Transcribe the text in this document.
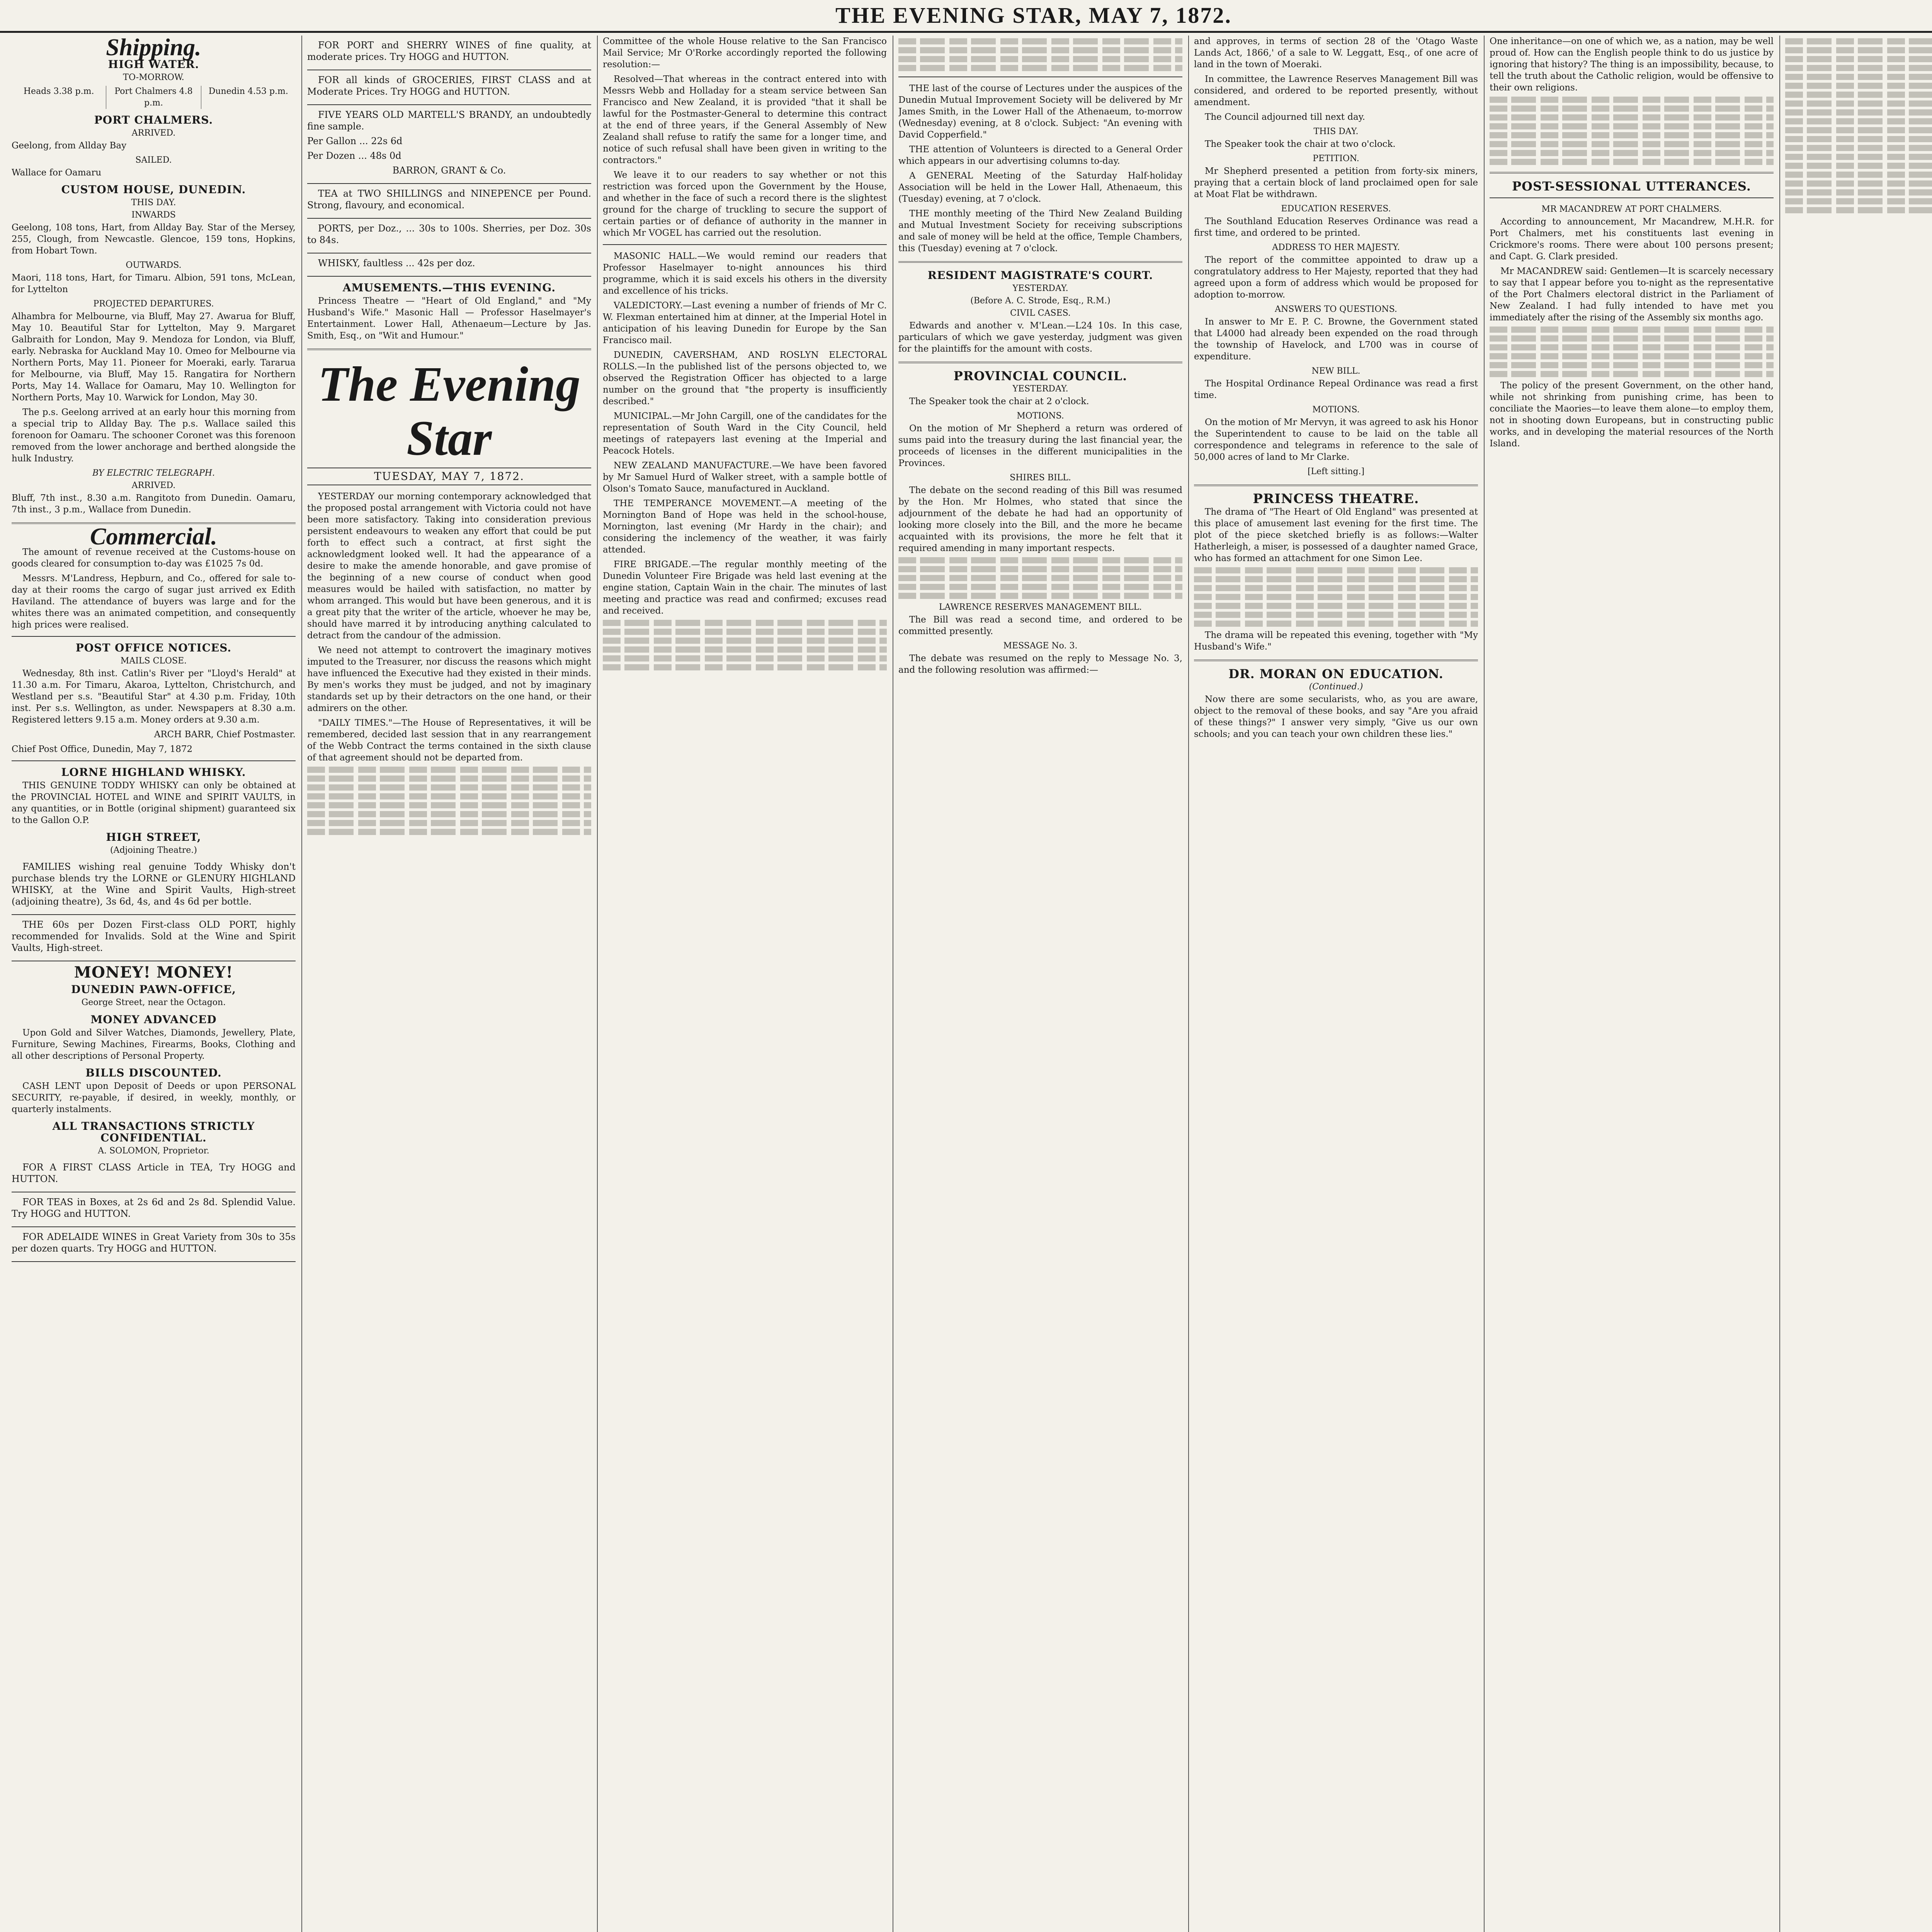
THE EVENING STAR, MAY 7, 1872.
Shipping.
HIGH WATER.
TO-MORROW.
Heads 3.38 p.m.	Port Chalmers 4.8 p.m.
Dunedin 4.53 p.m.
PORT CHALMERS.
ARRIVED.

Geelong, from Allday Bay

SAILED.

Wallace for Oamaru

CUSTOM HOUSE, DUNEDIN.
THIS DAY.
INWARDS

Geelong, 108 tons, Hart, from Allday Bay. Star of the Mersey, 255, Clough, from Newcastle. Glencoe, 159 tons, Hopkins, from Hobart Town.

OUTWARDS.

Maori, 118 tons, Hart, for Timaru. Albion, 591 tons, McLean, for Lyttelton

PROJECTED DEPARTURES.

Alhambra for Melbourne, via Bluff, May 27. Awarua for Bluff, May 10. Beautiful Star for Lyttelton, May 9. Margaret Galbraith for London, May 9. Mendoza for London, via Bluff, early. Nebraska for Auckland May 10. Omeo for Melbourne via Northern Ports, May 11. Pioneer for Moeraki, early. Tararua for Melbourne, via Bluff, May 15. Rangatira for Northern Ports, May 14. Wallace for Oamaru, May 10. Wellington for Northern Ports, May 10. Warwick for London, May 30.

The p.s. Geelong arrived at an early hour this morning from a special trip to Allday Bay. The p.s. Wallace sailed this forenoon for Oamaru. The schooner Coronet was this forenoon removed from the lower anchorage and berthed alongside the hulk Industry.

BY ELECTRIC TELEGRAPH.
ARRIVED.

Bluff, 7th inst., 8.30 a.m. Rangitoto from Dunedin. Oamaru, 7th inst., 3 p.m., Wallace from Dunedin.

Commercial.

The amount of revenue received at the Customs-house on goods cleared for consumption to-day was £1025 7s 0d.

Messrs. M'Landress, Hepburn, and Co., offered for sale to-day at their rooms the cargo of sugar just arrived ex Edith Haviland. The attendance of buyers was large and for the whites there was an animated competition, and consequently high prices were realised.

POST OFFICE NOTICES.
MAILS CLOSE.

Wednesday, 8th inst. Catlin's River per "Lloyd's Herald" at 11.30 a.m. For Timaru, Akaroa, Lyttelton, Christchurch, and Westland per s.s. "Beautiful Star" at 4.30 p.m. Friday, 10th inst. Per s.s. Wellington, as under. Newspapers at 8.30 a.m. Registered letters 9.15 a.m. Money orders at 9.30 a.m.

ARCH BARR, Chief Postmaster.

Chief Post Office, Dunedin, May 7, 1872

LORNE HIGHLAND WHISKY.

THIS GENUINE TODDY WHISKY can only be obtained at the PROVINCIAL HOTEL and WINE and SPIRIT VAULTS, in any quantities, or in Bottle (original shipment) guaranteed six to the Gallon O.P.

HIGH STREET,
(Adjoining Theatre.)

FAMILIES wishing real genuine Toddy Whisky don't purchase blends try the LORNE or GLENURY HIGHLAND WHISKY, at the Wine and Spirit Vaults, High-street (adjoining theatre), 3s 6d, 4s, and 4s 6d per bottle.

THE 60s per Dozen First-class OLD PORT, highly recommended for Invalids. Sold at the Wine and Spirit Vaults, High-street.

MONEY! MONEY!
DUNEDIN PAWN-OFFICE,
George Street, near the Octagon.
MONEY ADVANCED

Upon Gold and Silver Watches, Diamonds, Jewellery, Plate, Furniture, Sewing Machines, Firearms, Books, Clothing and all other descriptions of Personal Property.

BILLS DISCOUNTED.

CASH LENT upon Deposit of Deeds or upon PERSONAL SECURITY, re-payable, if desired, in weekly, monthly, or quarterly instalments.

ALL TRANSACTIONS STRICTLY CONFIDENTIAL.
A. SOLOMON, Proprietor.

FOR A FIRST CLASS Article in TEA, Try HOGG and HUTTON.

FOR TEAS in Boxes, at 2s 6d and 2s 8d. Splendid Value. Try HOGG and HUTTON.

FOR ADELAIDE WINES in Great Variety from 30s to 35s per dozen quarts. Try HOGG and HUTTON.

FOR PORT and SHERRY WINES of fine quality, at moderate prices. Try HOGG and HUTTON.

FOR all kinds of GROCERIES, FIRST CLASS and at Moderate Prices. Try HOGG and HUTTON.

FIVE YEARS OLD MARTELL'S BRANDY, an undoubtedly fine sample.

Per Gallon ... 22s 6d

Per Dozen ... 48s 0d

BARRON, GRANT & Co.

TEA at TWO SHILLINGS and NINEPENCE per Pound. Strong, flavoury, and economical.

PORTS, per Doz., ... 30s to 100s. Sherries, per Doz. 30s to 84s.

WHISKY, faultless ... 42s per doz.

AMUSEMENTS.—THIS EVENING.

Princess Theatre — "Heart of Old England," and "My Husband's Wife." Masonic Hall — Professor Haselmayer's Entertainment. Lower Hall, Athenaeum—Lecture by Jas. Smith, Esq., on "Wit and Humour."

The Evening Star
TUESDAY, MAY 7, 1872.

YESTERDAY our morning contemporary acknowledged that the proposed postal arrangement with Victoria could not have been more satisfactory. Taking into consideration previous persistent endeavours to weaken any effort that could be put forth to effect such a contract, at first sight the acknowledgment looked well. It had the appearance of a desire to make the amende honorable, and gave promise of the beginning of a new course of conduct when good measures would be hailed with satisfaction, no matter by whom arranged. This would but have been generous, and it is a great pity that the writer of the article, whoever he may be, should have marred it by introducing anything calculated to detract from the candour of the admission.

We need not attempt to controvert the imaginary motives imputed to the Treasurer, nor discuss the reasons which might have influenced the Executive had they existed in their minds. By men's works they must be judged, and not by imaginary standards set up by their detractors on the one hand, or their admirers on the other.

"DAILY TIMES."—The House of Representatives, it will be remembered, decided last session that in any rearrangement of the Webb Contract the terms contained in the sixth clause of that agreement should not be departed from.

Committee of the whole House relative to the San Francisco Mail Service; Mr O'Rorke accordingly reported the following resolution:—

Resolved—That whereas in the contract entered into with Messrs Webb and Holladay for a steam service between San Francisco and New Zealand, it is provided "that it shall be lawful for the Postmaster-General to determine this contract at the end of three years, if the General Assembly of New Zealand shall refuse to ratify the same for a longer time, and notice of such refusal shall have been given in writing to the contractors."

We leave it to our readers to say whether or not this restriction was forced upon the Government by the House, and whether in the face of such a record there is the slightest ground for the charge of truckling to secure the support of certain parties or of defiance of authority in the manner in which Mr VOGEL has carried out the resolution.

MASONIC HALL.—We would remind our readers that Professor Haselmayer to-night announces his third programme, which it is said excels his others in the diversity and excellence of his tricks.

VALEDICTORY.—Last evening a number of friends of Mr C. W. Flexman entertained him at dinner, at the Imperial Hotel in anticipation of his leaving Dunedin for Europe by the San Francisco mail.

DUNEDIN, CAVERSHAM, AND ROSLYN ELECTORAL ROLLS.—In the published list of the persons objected to, we observed the Registration Officer has objected to a large number on the ground that "the property is insufficiently described."

MUNICIPAL.—Mr John Cargill, one of the candidates for the representation of South Ward in the City Council, held meetings of ratepayers last evening at the Imperial and Peacock Hotels.

NEW ZEALAND MANUFACTURE.—We have been favored by Mr Samuel Hurd of Walker street, with a sample bottle of Olson's Tomato Sauce, manufactured in Auckland.

THE TEMPERANCE MOVEMENT.—A meeting of the Mornington Band of Hope was held in the school-house, Mornington, last evening (Mr Hardy in the chair); and considering the inclemency of the weather, it was fairly attended.

FIRE BRIGADE.—The regular monthly meeting of the Dunedin Volunteer Fire Brigade was held last evening at the engine station, Captain Wain in the chair. The minutes of last meeting and practice was read and confirmed; excuses read and received.

THE last of the course of Lectures under the auspices of the Dunedin Mutual Improvement Society will be delivered by Mr James Smith, in the Lower Hall of the Athenaeum, to-morrow (Wednesday) evening, at 8 o'clock. Subject: "An evening with David Copperfield."

THE attention of Volunteers is directed to a General Order which appears in our advertising columns to-day.

A GENERAL Meeting of the Saturday Half-holiday Association will be held in the Lower Hall, Athenaeum, this (Tuesday) evening, at 7 o'clock.

THE monthly meeting of the Third New Zealand Building and Mutual Investment Society for receiving subscriptions and sale of money will be held at the office, Temple Chambers, this (Tuesday) evening at 7 o'clock.

RESIDENT MAGISTRATE'S COURT.
YESTERDAY.
(Before A. C. Strode, Esq., R.M.)
CIVIL CASES.

Edwards and another v. M'Lean.—L24 10s. In this case, particulars of which we gave yesterday, judgment was given for the plaintiffs for the amount with costs.

PROVINCIAL COUNCIL.
YESTERDAY.

The Speaker took the chair at 2 o'clock.

MOTIONS.

On the motion of Mr Shepherd a return was ordered of sums paid into the treasury during the last financial year, the proceeds of licenses in the different municipalities in the Provinces.

SHIRES BILL.

The debate on the second reading of this Bill was resumed by the Hon. Mr Holmes, who stated that since the adjournment of the debate he had had an opportunity of looking more closely into the Bill, and the more he became acquainted with its provisions, the more he felt that it required amending in many important respects.

LAWRENCE RESERVES MANAGEMENT BILL.

The Bill was read a second time, and ordered to be committed presently.

MESSAGE No. 3.

The debate was resumed on the reply to Message No. 3, and the following resolution was affirmed:—

and approves, in terms of section 28 of the 'Otago Waste Lands Act, 1866,' of a sale to W. Leggatt, Esq., of one acre of land in the town of Moeraki.

In committee, the Lawrence Reserves Management Bill was considered, and ordered to be reported presently, without amendment.

The Council adjourned till next day.

THIS DAY.

The Speaker took the chair at two o'clock.

PETITION.

Mr Shepherd presented a petition from forty-six miners, praying that a certain block of land proclaimed open for sale at Moat Flat be withdrawn.

EDUCATION RESERVES.

The Southland Education Reserves Ordinance was read a first time, and ordered to be printed.

ADDRESS TO HER MAJESTY.

The report of the committee appointed to draw up a congratulatory address to Her Majesty, reported that they had agreed upon a form of address which would be proposed for adoption to-morrow.

ANSWERS TO QUESTIONS.

In answer to Mr E. P. C. Browne, the Government stated that L4000 had already been expended on the road through the township of Havelock, and L700 was in course of expenditure.

NEW BILL.

The Hospital Ordinance Repeal Ordinance was read a first time.

MOTIONS.

On the motion of Mr Mervyn, it was agreed to ask his Honor the Superintendent to cause to be laid on the table all correspondence and telegrams in reference to the sale of 50,000 acres of land to Mr Clarke.

[Left sitting.]
PRINCESS THEATRE.

The drama of "The Heart of Old England" was presented at this place of amusement last evening for the first time. The plot of the piece sketched briefly is as follows:—Walter Hatherleigh, a miser, is possessed of a daughter named Grace, who has formed an attachment for one Simon Lee.

The drama will be repeated this evening, together with "My Husband's Wife."

DR. MORAN ON EDUCATION.
(Continued.)

Now there are some secularists, who, as you are aware, object to the removal of these books, and say "Are you afraid of these things?" I answer very simply, "Give us our own schools; and you can teach your own children these lies."

One inheritance—on one of which we, as a nation, may be well proud of. How can the English people think to do us justice by ignoring that history? The thing is an impossibility, because, to tell the truth about the Catholic religion, would be offensive to their own religions.

POST-SESSIONAL UTTERANCES.
MR MACANDREW AT PORT CHALMERS.

According to announcement, Mr Macandrew, M.H.R. for Port Chalmers, met his constituents last evening in Crickmore's rooms. There were about 100 persons present; and Capt. G. Clark presided.

Mr MACANDREW said: Gentlemen—It is scarcely necessary to say that I appear before you to-night as the representative of the Port Chalmers electoral district in the Parliament of New Zealand. I had fully intended to have met you immediately after the rising of the Assembly six months ago.

The policy of the present Government, on the other hand, while not shrinking from punishing crime, has been to conciliate the Maories—to leave them alone—to employ them, not in shooting down Europeans, but in constructing public works, and in developing the material resources of the North Island.
